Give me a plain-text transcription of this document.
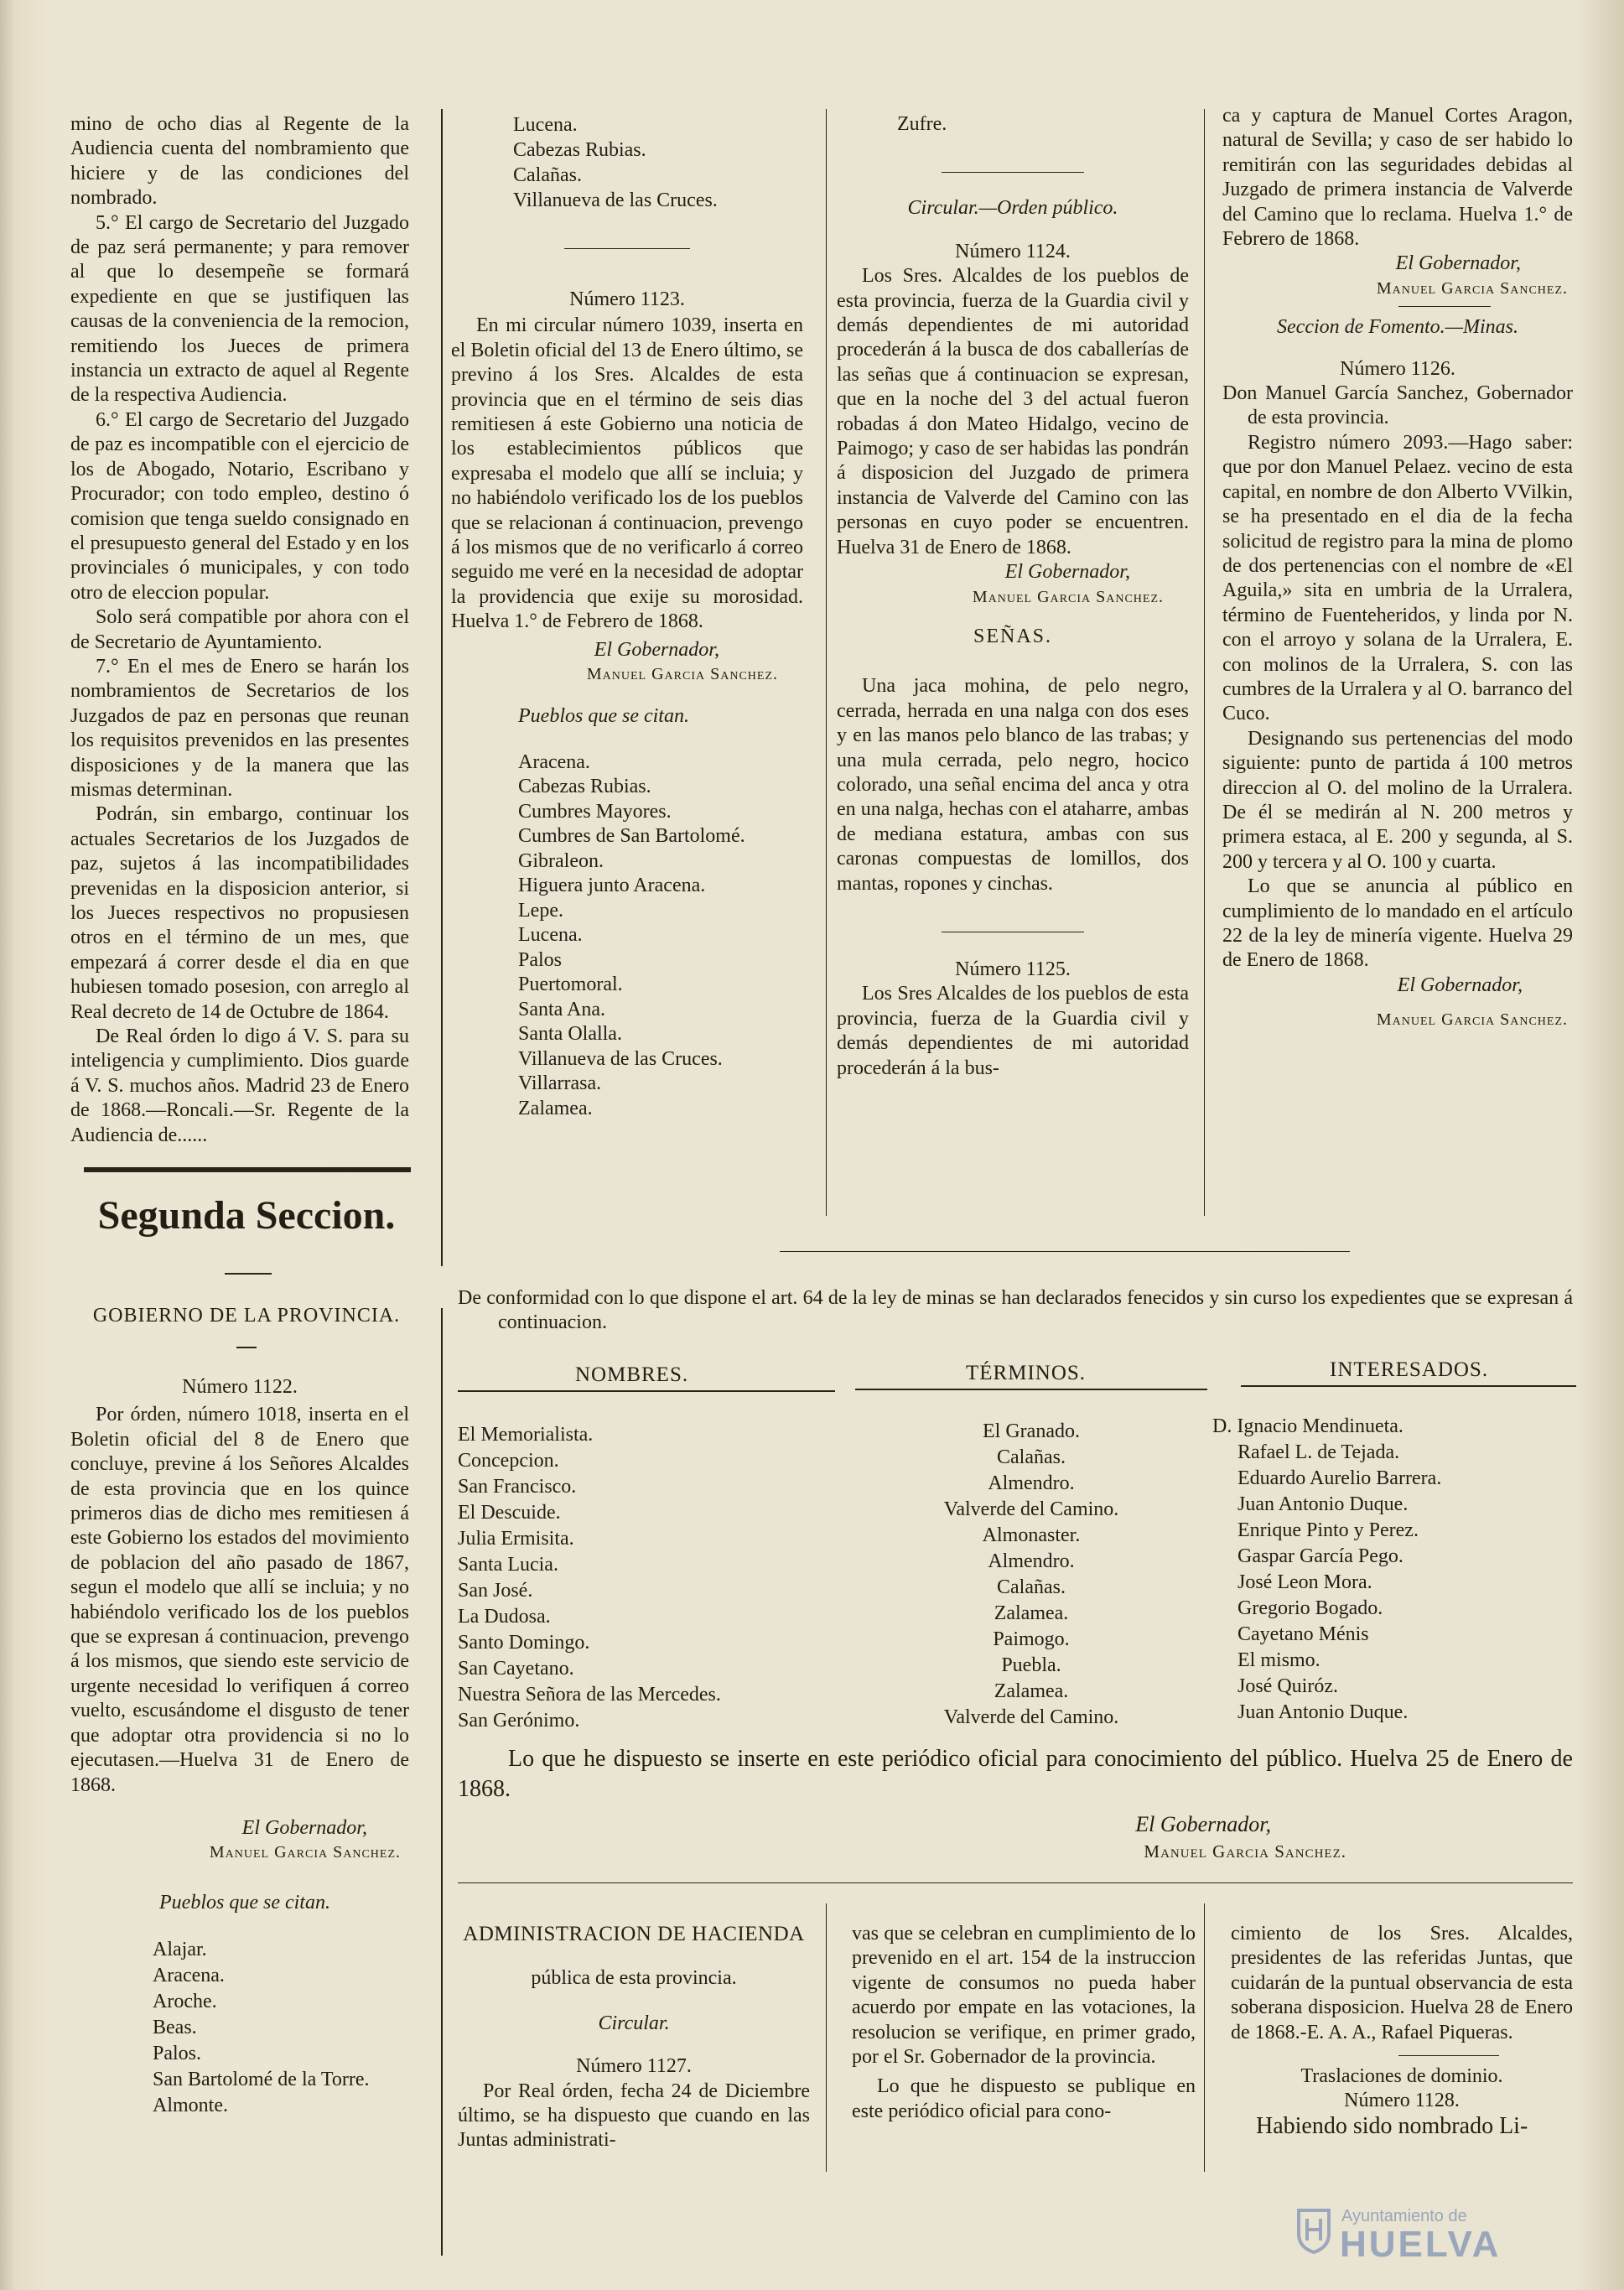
mino de ocho dias al Regente de la Audiencia cuenta del nombramiento que hiciere y de las condiciones del nombrado.

5.° El cargo de Secretario del Juzgado de paz será permanente; y para remover al que lo desempeñe se formará expediente en que se justifiquen las causas de la conveniencia de la remocion, remitiendo los Jueces de primera instancia un extracto de aquel al Regente de la respectiva Audiencia.

6.° El cargo de Secretario del Juzgado de paz es incompatible con el ejercicio de los de Abogado, Notario, Escribano y Procurador; con todo empleo, destino ó comision que tenga sueldo consignado en el presupuesto general del Estado y en los provinciales ó municipales, y con todo otro de eleccion popular.

Solo será compatible por ahora con el de Secretario de Ayuntamiento.

7.° En el mes de Enero se harán los nombramientos de Secretarios de los Juzgados de paz en personas que reunan los requisitos prevenidos en las presentes disposiciones y de la manera que las mismas determinan.

Podrán, sin embargo, continuar los actuales Secretarios de los Juzgados de paz, sujetos á las incompatibilidades prevenidas en la disposicion anterior, si los Jueces respectivos no propusiesen otros en el término de un mes, que empezará á correr desde el dia en que hubiesen tomado posesion, con arreglo al Real decreto de 14 de Octubre de 1864.

De Real órden lo digo á V. S. para su inteligencia y cumplimiento. Dios guarde á V. S. muchos años. Madrid 23 de Enero de 1868.—Roncali.—Sr. Regente de la Audiencia de......

Segunda Seccion.
GOBIERNO DE LA PROVINCIA.
Número 1122.

Por órden, número 1018, inserta en el Boletin oficial del 8 de Enero que concluye, previne á los Señores Alcaldes de esta provincia que en los quince primeros dias de dicho mes remitiesen á este Gobierno los estados del movimiento de poblacion del año pasado de 1867, segun el modelo que allí se incluia; y no habiéndolo verificado los de los pueblos que se expresan á continuacion, prevengo á los mismos, que siendo este servicio de urgente necesidad lo verifiquen á correo vuelto, escusándome el disgusto de tener que adoptar otra providencia si no lo ejecutasen.—Huelva 31 de Enero de 1868.

El Gobernador,
Manuel Garcia Sanchez.
Pueblos que se citan.
Alajar.
Aracena.
Aroche.
Beas.
Palos.
San Bartolomé de la Torre.
Almonte.
Lucena.
Cabezas Rubias.
Calañas.
Villanueva de las Cruces.
Número 1123.

En mi circular número 1039, inserta en el Boletin oficial del 13 de Enero último, se previno á los Sres. Alcaldes de esta provincia que en el término de seis dias remitiesen á este Gobierno una noticia de los establecimientos públicos que expresaba el modelo que allí se incluia; y no habiéndolo verificado los de los pueblos que se relacionan á continuacion, prevengo á los mismos que de no verificarlo á correo seguido me veré en la necesidad de adoptar la providencia que exije su morosidad. Huelva 1.° de Febrero de 1868.

El Gobernador,
Manuel Garcia Sanchez.
Pueblos que se citan.
Aracena.
Cabezas Rubias.
Cumbres Mayores.
Cumbres de San Bartolomé.
Gibraleon.
Higuera junto Aracena.
Lepe.
Lucena.
Palos
Puertomoral.
Santa Ana.
Santa Olalla.
Villanueva de las Cruces.
Villarrasa.
Zalamea.
Zufre.
Circular.—Orden público.
Número 1124.

Los Sres. Alcaldes de los pueblos de esta provincia, fuerza de la Guardia civil y demás dependientes de mi autoridad procederán á la busca de dos caballerías de las señas que á continuacion se expresan, que en la noche del 3 del actual fueron robadas á don Mateo Hidalgo, vecino de Paimogo; y caso de ser habidas las pondrán á disposicion del Juzgado de primera instancia de Valverde del Camino con las personas en cuyo poder se encuentren. Huelva 31 de Enero de 1868.

El Gobernador,
Manuel Garcia Sanchez.
SEÑAS.

Una jaca mohina, de pelo negro, cerrada, herrada en una nalga con dos eses y en las manos pelo blanco de las trabas; y una mula cerrada, pelo negro, hocico colorado, una señal encima del anca y otra en una nalga, hechas con el ataharre, ambas de mediana estatura, ambas con sus caronas compuestas de lomillos, dos mantas, ropones y cinchas.

Número 1125.

Los Sres Alcaldes de los pueblos de esta provincia, fuerza de la Guardia civil y demás dependientes de mi autoridad procederán á la bus-

ca y captura de Manuel Cortes Aragon, natural de Sevilla; y caso de ser habido lo remitirán con las seguridades debidas al Juzgado de primera instancia de Valverde del Camino que lo reclama. Huelva 1.° de Febrero de 1868.

El Gobernador,
Manuel Garcia Sanchez.
Seccion de Fomento.—Minas.
Número 1126.

Don Manuel García Sanchez, Gobernador de esta provincia.

Registro número 2093.—Hago saber: que por don Manuel Pelaez. vecino de esta capital, en nombre de don Alberto VVilkin, se ha presentado en el dia de la fecha solicitud de registro para la mina de plomo de dos pertenencias con el nombre de «El Aguila,» sita en umbria de la Urralera, término de Fuenteheridos, y linda por N. con el arroyo y solana de la Urralera, E. con molinos de la Urralera, S. con las cumbres de la Urralera y al O. barranco del Cuco.

Designando sus pertenencias del modo siguiente: punto de partida á 100 metros direccion al O. del molino de la Urralera. De él se medirán al N. 200 metros y primera estaca, al E. 200 y segunda, al S. 200 y tercera y al O. 100 y cuarta.

Lo que se anuncia al público en cumplimiento de lo mandado en el artículo 22 de la ley de minería vigente. Huelva 29 de Enero de 1868.

El Gobernador,
Manuel Garcia Sanchez.

De conformidad con lo que dispone el art. 64 de la ley de minas se han declarados fenecidos y sin curso los expedientes que se expresan á continuacion.

NOMBRES.	TÉRMINOS.	INTERESADOS.
El Memorialista.
Concepcion.
San Francisco.
El Descuide.
Julia Ermisita.
Santa Lucia.
San José.
La Dudosa.
Santo Domingo.
San Cayetano.
Nuestra Señora de las Mercedes.
San Gerónimo.
El Granado.
Calañas.
Almendro.
Valverde del Camino.
Almonaster.
Almendro.
Calañas.
Zalamea.
Paimogo.
Puebla.
Zalamea.
Valverde del Camino.
D. Ignacio Mendinueta.
Rafael L. de Tejada.
Eduardo Aurelio Barrera.
Juan Antonio Duque.
Enrique Pinto y Perez.
Gaspar García Pego.
José Leon Mora.
Gregorio Bogado.
Cayetano Ménis
El mismo.
José Quiróz.
Juan Antonio Duque.

Lo que he dispuesto se inserte en este periódico oficial para conocimiento del público. Huelva 25 de Enero de 1868.

El Gobernador,
Manuel Garcia Sanchez.
ADMINISTRACION DE HACIENDA
pública de esta provincia.
Circular.
Número 1127.

Por Real órden, fecha 24 de Diciembre último, se ha dispuesto que cuando en las Juntas administrati-

vas que se celebran en cumplimiento de lo prevenido en el art. 154 de la instruccion vigente de consumos no pueda haber acuerdo por empate en las votaciones, la resolucion se verifique, en primer grado, por el Sr. Gobernador de la provincia.

Lo que he dispuesto se publique en este periódico oficial para cono-

cimiento de los Sres. Alcaldes, presidentes de las referidas Juntas, que cuidarán de la puntual observancia de esta soberana disposicion. Huelva 28 de Enero de 1868.-E. A. A., Rafael Piqueras.

Traslaciones de dominio.
Número 1128.

Habiendo sido nombrado Li-

Ayuntamiento de
HUELVA
